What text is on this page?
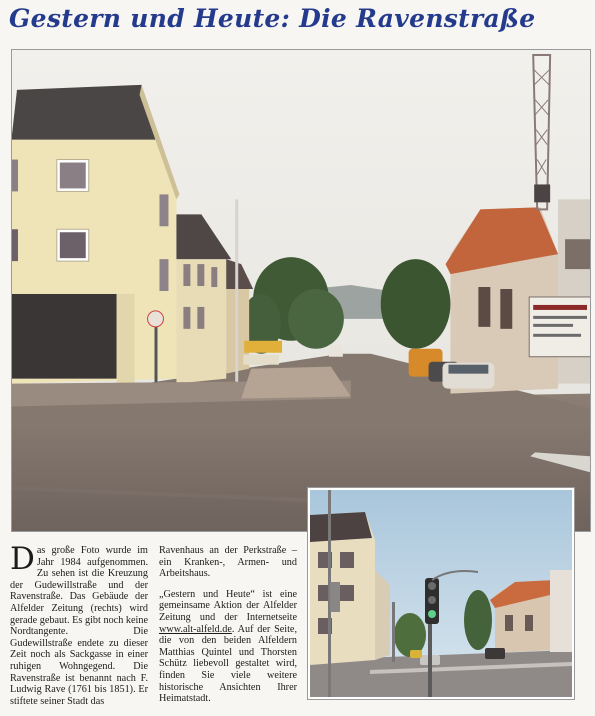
Gestern und Heute: Die Ravenstraße

Das große Foto wurde im Jahr 1984 aufgenommen. Zu sehen ist die Kreuzung der Gudewillstraße und der Ravenstraße. Das Gebäude der Alfelder Zeitung (rechts) wird gerade gebaut. Es gibt noch keine Nordtangente. Die Gudewillstraße endete zu dieser Zeit noch als Sackgasse in einer ruhigen Wohngegend. Die Ravenstraße ist benannt nach F. Ludwig Rave (1761 bis 1851). Er stiftete seiner Stadt das

Ravenhaus an der Perkstraße – ein Kranken-, Armen- und Arbeitshaus.

„Gestern und Heute“ ist eine gemeinsame Aktion der Alfelder Zeitung und der Internetseite www.alt-alfeld.de. Auf der Seite, die von den beiden Alfeldern Matthias Quintel und Thorsten Schütz liebevoll gestaltet wird, finden Sie viele weitere historische Ansichten Ihrer Heimatstadt.
